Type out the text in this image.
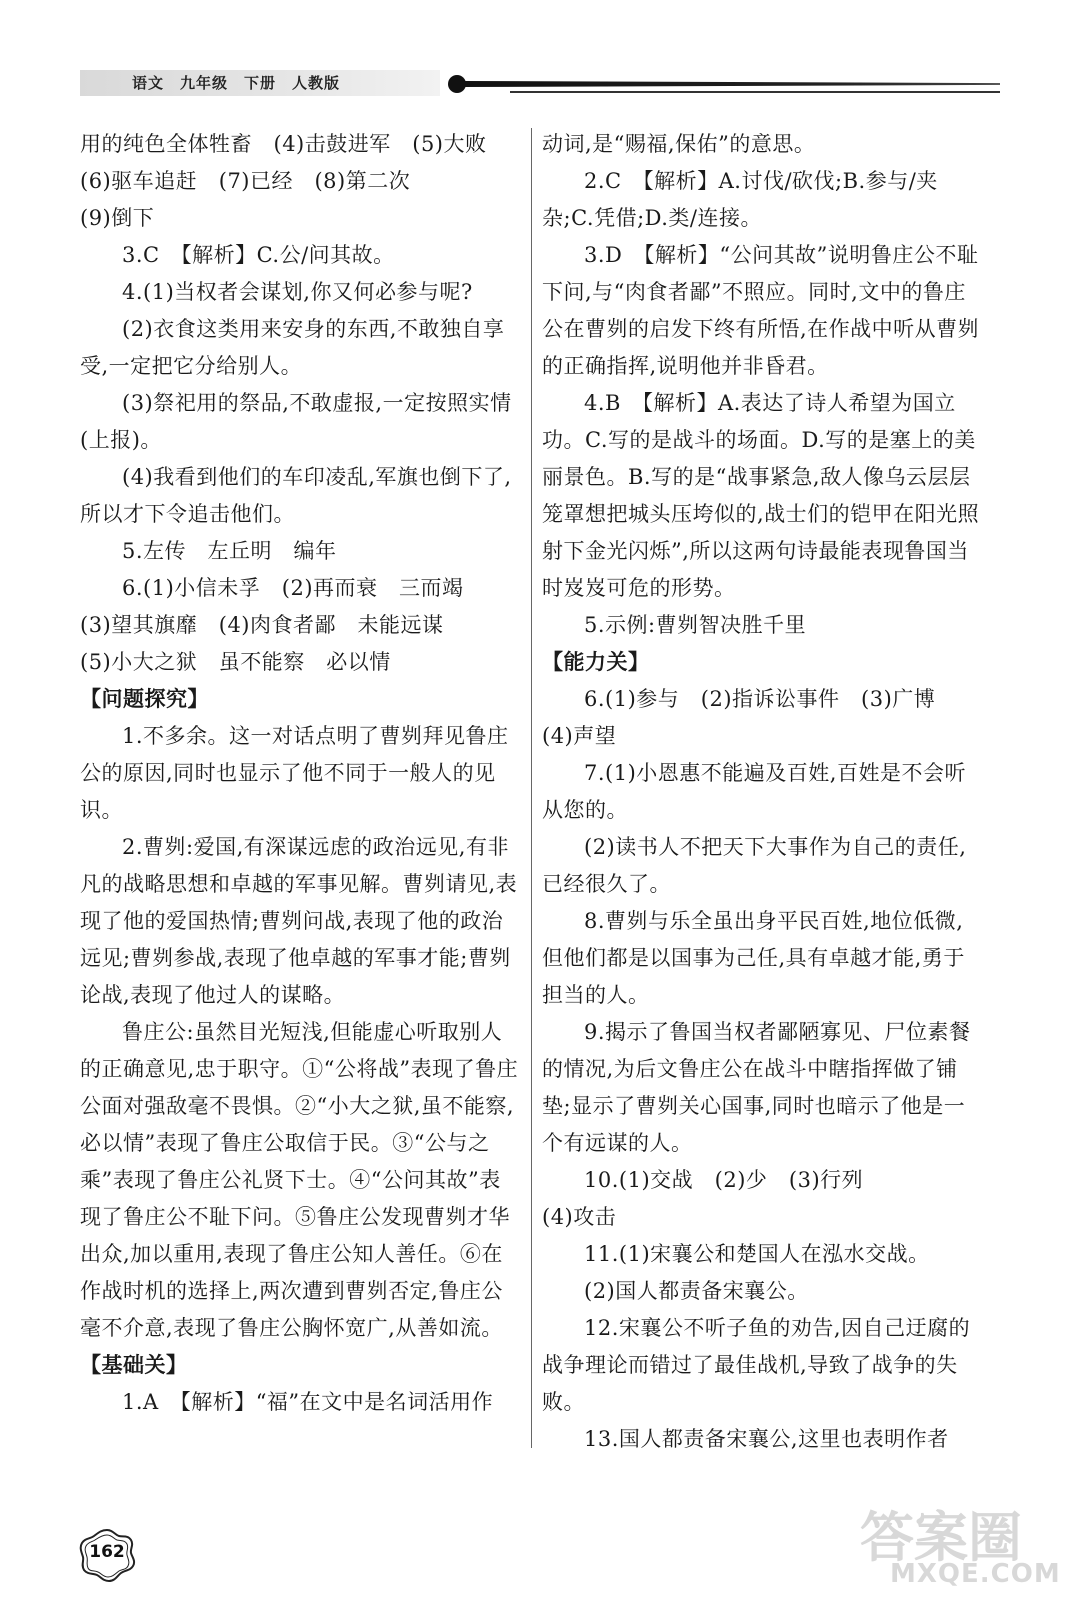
语文 九年级 下册 人教版

用的纯色全体牲畜　(4)击鼓进军　(5)大败

(6)驱车追赶　(7)已经　(8)第二次

(9)倒下

3.C　【解析】C.公/问其故。

4.(1)当权者会谋划,你又何必参与呢?

(2)衣食这类用来安身的东西,不敢独自享受,一定把它分给别人。

(3)祭祀用的祭品,不敢虚报,一定按照实情(上报)。

(4)我看到他们的车印凌乱,军旗也倒下了,所以才下令追击他们。

5.左传　左丘明　编年

6.(1)小信未孚　(2)再而衰　三而竭

(3)望其旗靡　(4)肉食者鄙　未能远谋

(5)小大之狱　虽不能察　必以情

【问题探究】

1.不多余。这一对话点明了曹刿拜见鲁庄公的原因,同时也显示了他不同于一般人的见识。

2.曹刿:爱国,有深谋远虑的政治远见,有非凡的战略思想和卓越的军事见解。曹刿请见,表现了他的爱国热情;曹刿问战,表现了他的政治远见;曹刿参战,表现了他卓越的军事才能;曹刿论战,表现了他过人的谋略。

鲁庄公:虽然目光短浅,但能虚心听取别人的正确意见,忠于职守。①“公将战”表现了鲁庄公面对强敌毫不畏惧。②“小大之狱,虽不能察,必以情”表现了鲁庄公取信于民。③“公与之乘”表现了鲁庄公礼贤下士。④“公问其故”表现了鲁庄公不耻下问。⑤鲁庄公发现曹刿才华出众,加以重用,表现了鲁庄公知人善任。⑥在作战时机的选择上,两次遭到曹刿否定,鲁庄公毫不介意,表现了鲁庄公胸怀宽广,从善如流。

【基础关】

1.A　【解析】“福”在文中是名词活用作

动词,是“赐福,保佑”的意思。

2.C　【解析】A.讨伐/砍伐;B.参与/夹杂;C.凭借;D.类/连接。

3.D　【解析】“公问其故”说明鲁庄公不耻下问,与“肉食者鄙”不照应。同时,文中的鲁庄公在曹刿的启发下终有所悟,在作战中听从曹刿的正确指挥,说明他并非昏君。

4.B　【解析】A.表达了诗人希望为国立功。C.写的是战斗的场面。D.写的是塞上的美丽景色。B.写的是“战事紧急,敌人像乌云层层笼罩想把城头压垮似的,战士们的铠甲在阳光照射下金光闪烁”,所以这两句诗最能表现鲁国当时岌岌可危的形势。

5.示例:曹刿智决胜千里

【能力关】

6.(1)参与　(2)指诉讼事件　(3)广博

(4)声望

7.(1)小恩惠不能遍及百姓,百姓是不会听从您的。

(2)读书人不把天下大事作为自己的责任,已经很久了。

8.曹刿与乐全虽出身平民百姓,地位低微,但他们都是以国事为己任,具有卓越才能,勇于担当的人。

9.揭示了鲁国当权者鄙陋寡见、尸位素餐的情况,为后文鲁庄公在战斗中瞎指挥做了铺垫;显示了曹刿关心国事,同时也暗示了他是一个有远谋的人。

10.(1)交战　(2)少　(3)行列

(4)攻击

11.(1)宋襄公和楚国人在泓水交战。

(2)国人都责备宋襄公。

12.宋襄公不听子鱼的劝告,因自己迂腐的战争理论而错过了最佳战机,导致了战争的失败。

13.国人都责备宋襄公,这里也表明作者

162	答案圈
MXQE.COM
